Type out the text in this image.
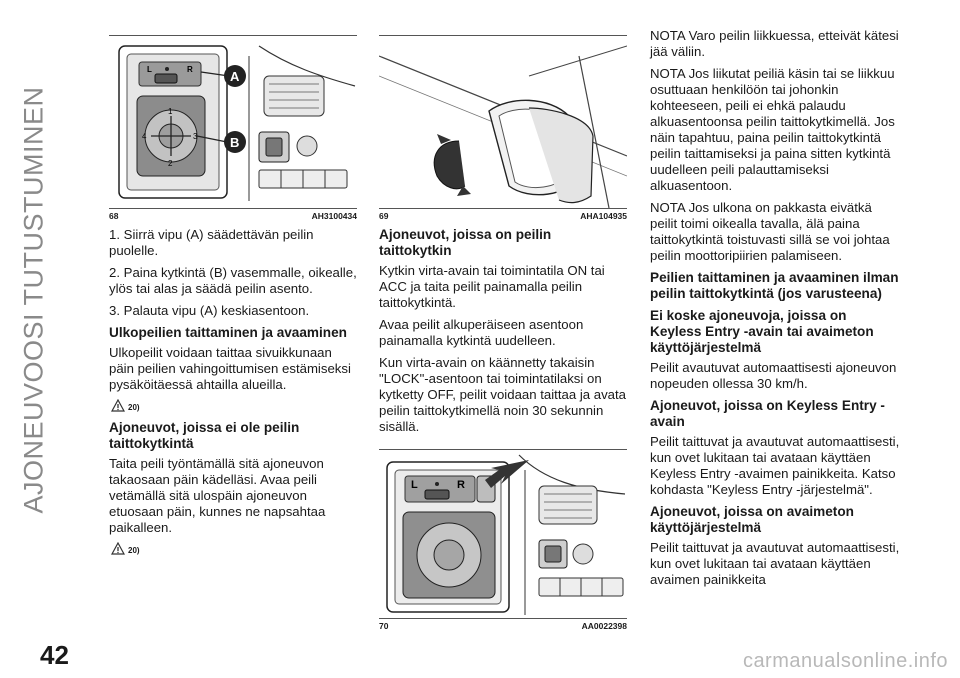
AJONEUVOOSI TUTUSTUMINEN
L	R
1
2
3
4
A
B
68	AH3100434

1. Siirrä vipu (A) säädettävän peilin puolelle.

2. Paina kytkintä (B) vasemmalle, oikealle, ylös tai alas ja säädä peilin asento.

3. Palauta vipu (A) keskiasentoon.

Ulkopeilien taittaminen ja avaaminen

Ulkopeilit voidaan taittaa sivuikkunaan päin peilien vahingoittumisen estämiseksi pysäköitäessä ahtailla alueilla.

20)
Ajoneuvot, joissa ei ole peilin taittokytkintä

Taita peili työntämällä sitä ajoneuvon takaosaan päin kädelläsi. Avaa peili vetämällä sitä ulospäin ajoneuvon etuosaan päin, kunnes ne napsahtaa paikalleen.

20)
69	AHA104935
Ajoneuvot, joissa on peilin taittokytkin

Kytkin virta-avain tai toimintatila ON tai ACC ja taita peilit painamalla peilin taittokytkintä.

Avaa peilit alkuperäiseen asentoon painamalla kytkintä uudelleen.

Kun virta-avain on käännetty takaisin "LOCK"-asentoon tai toimintatilaksi on kytketty OFF, peilit voidaan taittaa ja avata peilin taittokytkimellä noin 30 sekunnin sisällä.

L	R
70	AA0022398

NOTA Varo peilin liikkuessa, etteivät kätesi jää väliin.

NOTA Jos liikutat peiliä käsin tai se liikkuu osuttuaan henkilöön tai johonkin kohteeseen, peili ei ehkä palaudu alkuasentoonsa peilin taittokytkimellä. Jos näin tapahtuu, paina peilin taittokytkintä peilin taittamiseksi ja paina sitten kytkintä uudelleen peili palauttamiseksi alkuasentoon.

NOTA Jos ulkona on pakkasta eivätkä peilit toimi oikealla tavalla, älä paina taittokytkintä toistuvasti sillä se voi johtaa peilin moottoripiirien palamiseen.

Peilien taittaminen ja avaaminen ilman peilin taittokytkintä (jos varusteena)
Ei koske ajoneuvoja, joissa on Keyless Entry -avain tai avaimeton käyttöjärjestelmä

Peilit avautuvat automaattisesti ajoneuvon nopeuden ollessa 30 km/h.

Ajoneuvot, joissa on Keyless Entry -avain

Peilit taittuvat ja avautuvat automaattisesti, kun ovet lukitaan tai avataan käyttäen Keyless Entry -avaimen painikkeita. Katso kohdasta "Keyless Entry -järjestelmä".

Ajoneuvot, joissa on avaimeton käyttöjärjestelmä

Peilit taittuvat ja avautuvat automaattisesti, kun ovet lukitaan tai avataan käyttäen avaimen painikkeita

42	carmanualsonline.info
